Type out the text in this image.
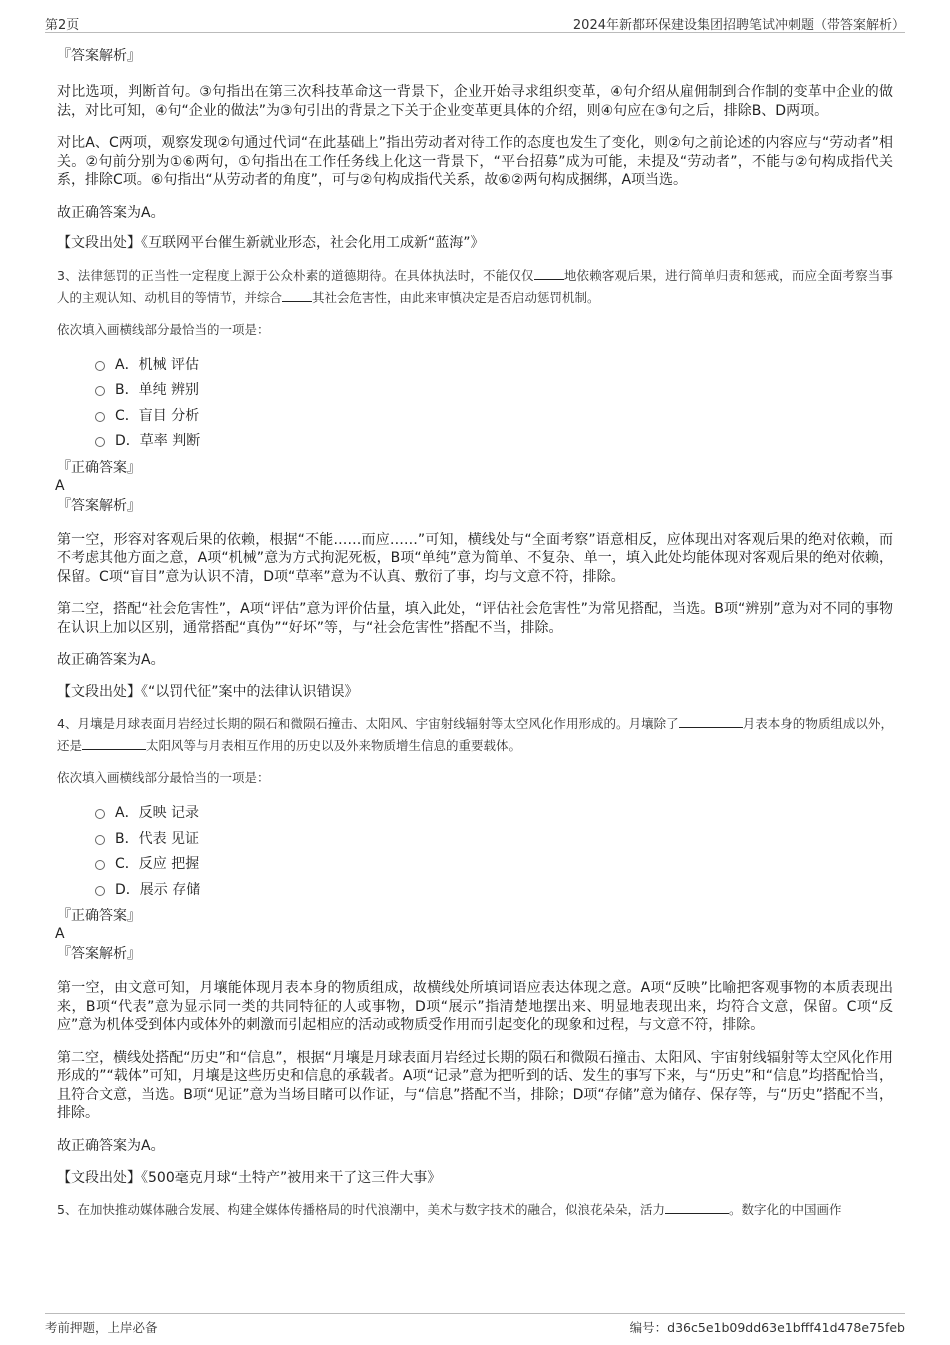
第2页	2024年新都环保建设集团招聘笔试冲刺题（带答案解析）

『答案解析』

对比选项，判断首句。③句指出在第三次科技革命这一背景下，企业开始寻求组织变革，④句介绍从雇佣制到合作制的变革中企业的做法，对比可知，④句“企业的做法”为③句引出的背景之下关于企业变革更具体的介绍，则④句应在③句之后，排除B、D两项。

对比A、C两项，观察发现②句通过代词“在此基础上”指出劳动者对待工作的态度也发生了变化，则②句之前论述的内容应与“劳动者”相关。②句前分别为①⑥两句，①句指出在工作任务线上化这一背景下，“平台招募”成为可能，未提及“劳动者”，不能与②句构成指代关系，排除C项。⑥句指出“从劳动者的角度”，可与②句构成指代关系，故⑥②两句构成捆绑，A项当选。

故正确答案为A。

【文段出处】《互联网平台催生新就业形态，社会化用工成新“蓝海”》

3、法律惩罚的正当性一定程度上源于公众朴素的道德期待。在具体执法时，不能仅仅 地依赖客观后果，进行简单归责和惩戒，而应全面考察当事人的主观认知、动机目的等情节，并综合 其社会危害性，由此来审慎决定是否启动惩罚机制。

依次填入画横线部分最恰当的一项是：

A．机械 评估
B．单纯 辨别
C．盲目 分析
D．草率 判断

『正确答案』

A

『答案解析』

第一空，形容对客观后果的依赖，根据“不能……而应……”可知，横线处与“全面考察”语意相反，应体现出对客观后果的绝对依赖，而不考虑其他方面之意，A项“机械”意为方式拘泥死板，B项“单纯”意为简单、不复杂、单一，填入此处均能体现对客观后果的绝对依赖，保留。C项“盲目”意为认识不清，D项“草率”意为不认真、敷衍了事，均与文意不符，排除。

第二空，搭配“社会危害性”，A项“评估”意为评价估量，填入此处，“评估社会危害性”为常见搭配，当选。B项“辨别”意为对不同的事物在认识上加以区别，通常搭配“真伪”“好坏”等，与“社会危害性”搭配不当，排除。

故正确答案为A。

【文段出处】《“以罚代征”案中的法律认识错误》

4、月壤是月球表面月岩经过长期的陨石和微陨石撞击、太阳风、宇宙射线辐射等太空风化作用形成的。月壤除了	月表本身的物质组成以外，还是	太阳风等与月表相互作用的历史以及外来物质增生信息的重要载体。

依次填入画横线部分最恰当的一项是：

A．反映 记录
B．代表 见证
C．反应 把握
D．展示 存储

『正确答案』

A

『答案解析』

第一空，由文意可知，月壤能体现月表本身的物质组成，故横线处所填词语应表达体现之意。A项“反映”比喻把客观事物的本质表现出来，B项“代表”意为显示同一类的共同特征的人或事物，D项“展示”指清楚地摆出来、明显地表现出来，均符合文意，保留。C项“反应”意为机体受到体内或体外的刺激而引起相应的活动或物质受作用而引起变化的现象和过程，与文意不符，排除。

第二空，横线处搭配“历史”和“信息”，根据“月壤是月球表面月岩经过长期的陨石和微陨石撞击、太阳风、宇宙射线辐射等太空风化作用形成的”“载体”可知，月壤是这些历史和信息的承载者。A项“记录”意为把听到的话、发生的事写下来，与“历史”和“信息”均搭配恰当，且符合文意，当选。B项“见证”意为当场目睹可以作证，与“信息”搭配不当，排除；D项“存储”意为储存、保存等，与“历史”搭配不当，排除。

故正确答案为A。

【文段出处】《500毫克月球“土特产”被用来干了这三件大事》

5、在加快推动媒体融合发展、构建全媒体传播格局的时代浪潮中，美术与数字技术的融合，似浪花朵朵，活力	。数字化的中国画作

考前押题，上岸必备	编号：d36c5e1b09dd63e1bfff41d478e75feb
